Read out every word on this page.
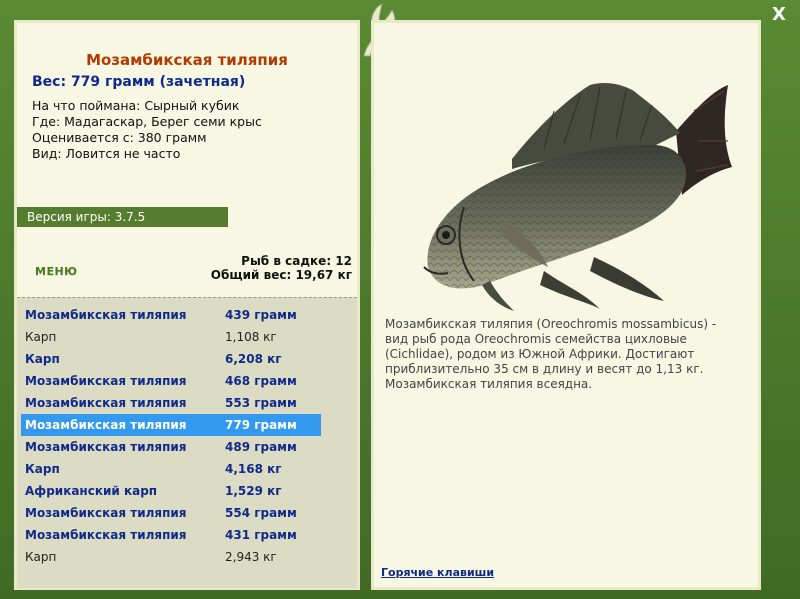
X
Мозамбикская тиляпия
Вес: 779 грамм (зачетная)
На что поймана: Сырный кубик
Где: Мадагаскар, Берег семи крыс
Оценивается с: 380 грамм
Вид: Ловится не часто
Версия игры: 3.7.5
МЕНЮ
Рыб в садке: 12
Общий вес: 19,67 кг
Мозамбикская тиляпия	439 грамм
Карп	1,108 кг
Карп	6,208 кг
Мозамбикская тиляпия	468 грамм
Мозамбикская тиляпия	553 грамм
Мозамбикская тиляпия	779 грамм
Мозамбикская тиляпия	489 грамм
Карп	4,168 кг
Африканский карп	1,529 кг
Мозамбикская тиляпия	554 грамм
Мозамбикская тиляпия	431 грамм
Карп	2,943 кг
Мозамбикская тиляпия (Oreochromis mossambicus) - вид рыб рода Oreochromis семейства цихловые (Cichlidae), родом из Южной Африки. Достигают приблизительно 35 см в длину и весят до 1,13 кг. Мозамбикская тиляпия всеядна.
Горячие клавиши
